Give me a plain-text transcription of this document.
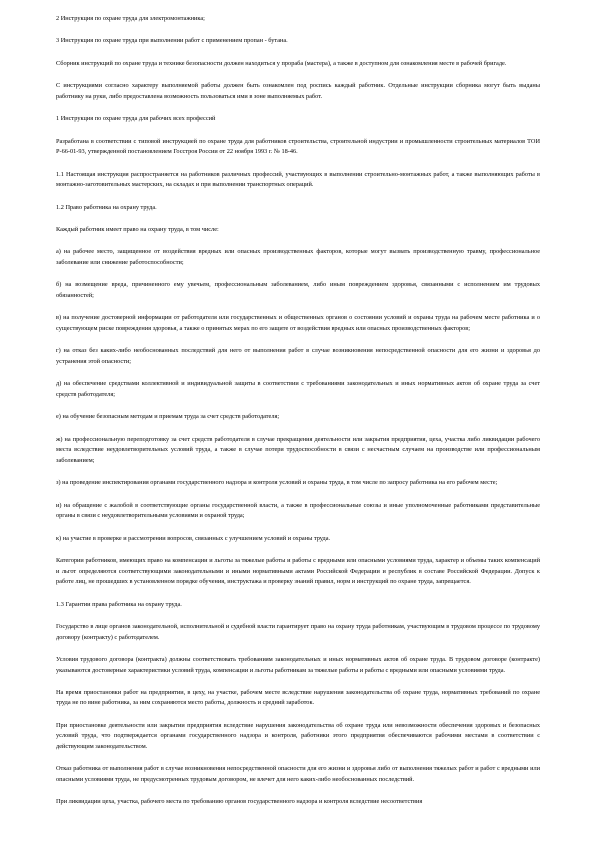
2 Инструкция по охране труда для электромонтажника;

3 Инструкция по охране труда при выполнении работ с применением пропан - бутана.

Сборник инструкций по охране труда и технике безопасности должен находиться у прораба (мастера), а также в доступном для ознакомления месте в рабочей бригаде.

С инструкциями согласно характеру выполняемой работы должен быть ознакомлен под роспись каждый работник. Отдельные инструкции сборника могут быть выданы работнику на руки, либо предоставлена возможность пользоваться ими в зоне выполняемых работ.

1 Инструкция по охране труда для рабочих всех профессий

Разработана в соответствии с типовой инструкцией по охране труда для работников строительства, строительной индустрии и промышленности строительных материалов ТОИ Р-66-01-93, утвержденной постановлением Госстроя России от 22 ноября 1993 г. № 18-46.

1.1 Настоящая инструкция распространяется на работников различных профессий, участвующих в выполнении строительно-монтажных работ, а также выполняющих работы в монтажно-заготовительных мастерских, на складах и при выполнении транспортных операций.

1.2 Право работника на охрану труда.

Каждый работник имеет право на охрану труда, в том числе:

а) на рабочее место, защищенное от воздействия вредных или опасных производственных факторов, которые могут вызвать производственную травму, профессиональное заболевание или снижение работоспособности;

б) на возмещение вреда, причиненного ему увечьем, профессиональным заболеванием, либо иным повреждением здоровья, связанными с исполнением им трудовых обязанностей;

в) на получение достоверной информации от работодателя или государственных и общественных органов о состоянии условий и охраны труда на рабочем месте работника и о существующем риске повреждения здоровья, а также о принятых мерах по его защите от воздействия вредных или опасных производственных факторов;

г) на отказ без каких-либо необоснованных последствий для него от выполнения работ в случае возникновения непосредственной опасности для его жизни и здоровья до устранения этой опасности;

д) на обеспечение средствами коллективной и индивидуальной защиты в соответствии с требованиями законодательных и иных нормативных актов об охране труда за счет средств работодателя;

е) на обучение безопасным методам и приемам труда за счет средств работодателя;

ж) на профессиональную переподготовку за счет средств работодателя в случае прекращения деятельности или закрытия предприятия, цеха, участка либо ликвидации рабочего места вследствие неудовлетворительных условий труда, а также в случае потери трудоспособности в связи с несчастным случаем на производстве или профессиональным заболеванием;

з) на проведение инспектирования органами государственного надзора и контроля условий и охраны труда, в том числе по запросу работника на его рабочем месте;

и) на обращение с жалобой в соответствующие органы государственной власти, а также в профессиональные союзы и иные уполномоченные работниками представительные органы в связи с неудовлетворительными условиями и охраной труда;

к) на участие в проверке и рассмотрении вопросов, связанных с улучшением условий и охраны труда.

Категории работников, имеющих право на компенсации и льготы за тяжелые работы и работы с вредными или опасными условиями труда, характер и объемы таких компенсаций и льгот определяются соответствующими законодательными и иными нормативными актами Российской Федерации и республик в составе Российской Федерации. Допуск к работе лиц, не прошедших в установленном порядке обучения, инструктажа и проверку знаний правил, норм и инструкций по охране труда, запрещается.

1.3 Гарантии права работника на охрану труда.

Государство в лице органов законодательной, исполнительной и судебной власти гарантирует право на охрану труда работникам, участвующим в трудовом процессе по трудовому договору (контракту) с работодателем.

Условия трудового договора (контракта) должны соответствовать требованиям законодательных и иных нормативных актов об охране труда. В трудовом договоре (контракте) указываются достоверные характеристики условий труда, компенсации и льготы работникам за тяжелые работы и работы с вредными или опасными условиями труда.

На время приостановки работ на предприятии, в цеху, на участке, рабочем месте вследствие нарушения законодательства об охране труда, нормативных требований по охране труда не по вине работника, за ним сохраняются место работы, должность и средний заработок.

При приостановке деятельности или закрытии предприятия вследствие нарушения законодательства об охране труда или невозможности обеспечения здоровых и безопасных условий труда, что подтверждается органами государственного надзора и контроля, работники этого предприятия обеспечиваются рабочими местами в соответствии с действующим законодательством.

Отказ работника от выполнения работ в случае возникновения непосредственной опасности для его жизни и здоровья либо от выполнения тяжелых работ и работ с вредными или опасными условиями труда, не предусмотренных трудовым договором, не влечет для него каких-либо необоснованных последствий.

При ликвидации цеха, участка, рабочего места по требованию органов государственного надзора и контроля вследствие несоответствия
